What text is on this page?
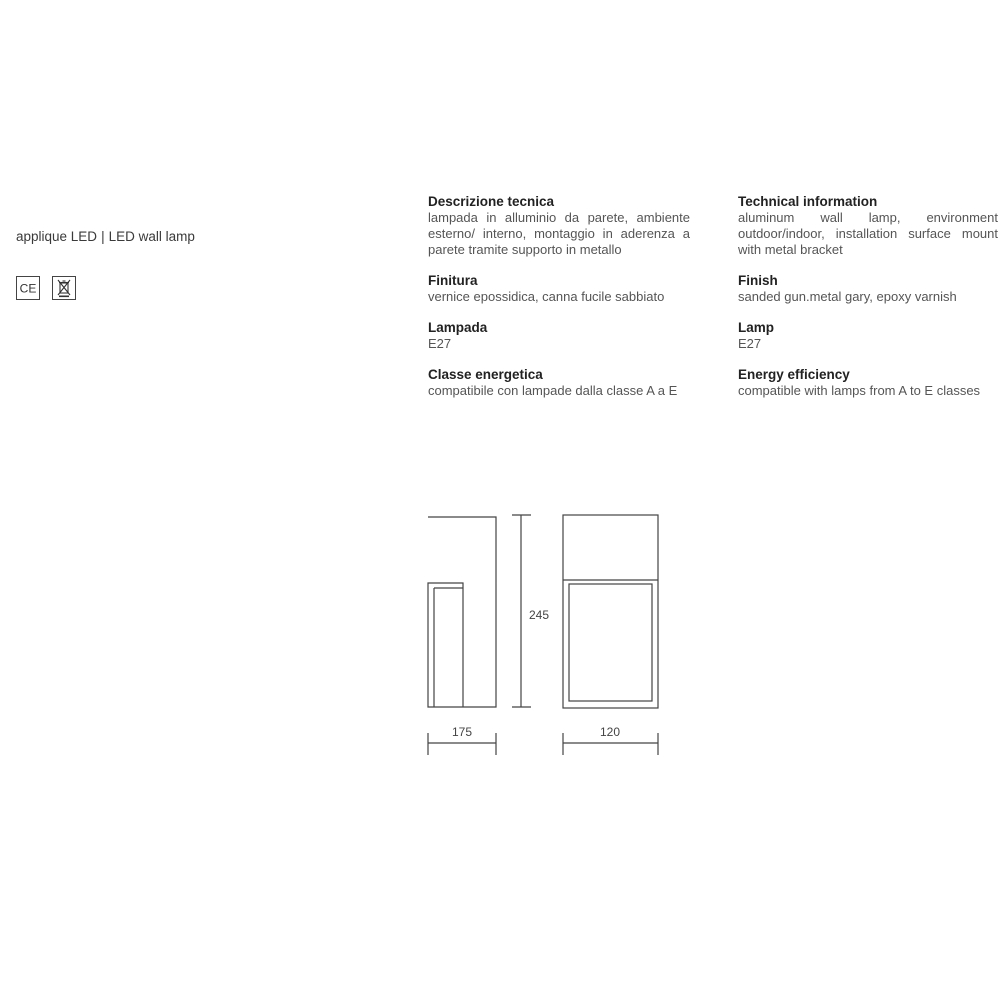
applique LED | LED wall lamp
CE
Descrizione tecnica

lampada in alluminio da parete, ambiente esterno/ interno, montaggio in aderenza a parete tramite supporto in metallo

Finitura

vernice epossidica, canna fucile sabbiato

Lampada

E27

Classe energetica

compatibile con lampade dalla classe A a E

Technical information

aluminum wall lamp, environment outdoor/indoor, installation surface mount with metal bracket

Finish

sanded gun.metal gary, epoxy varnish

Lamp

E27

Energy efficiency

compatible with lamps from A to E classes

245
175	120
